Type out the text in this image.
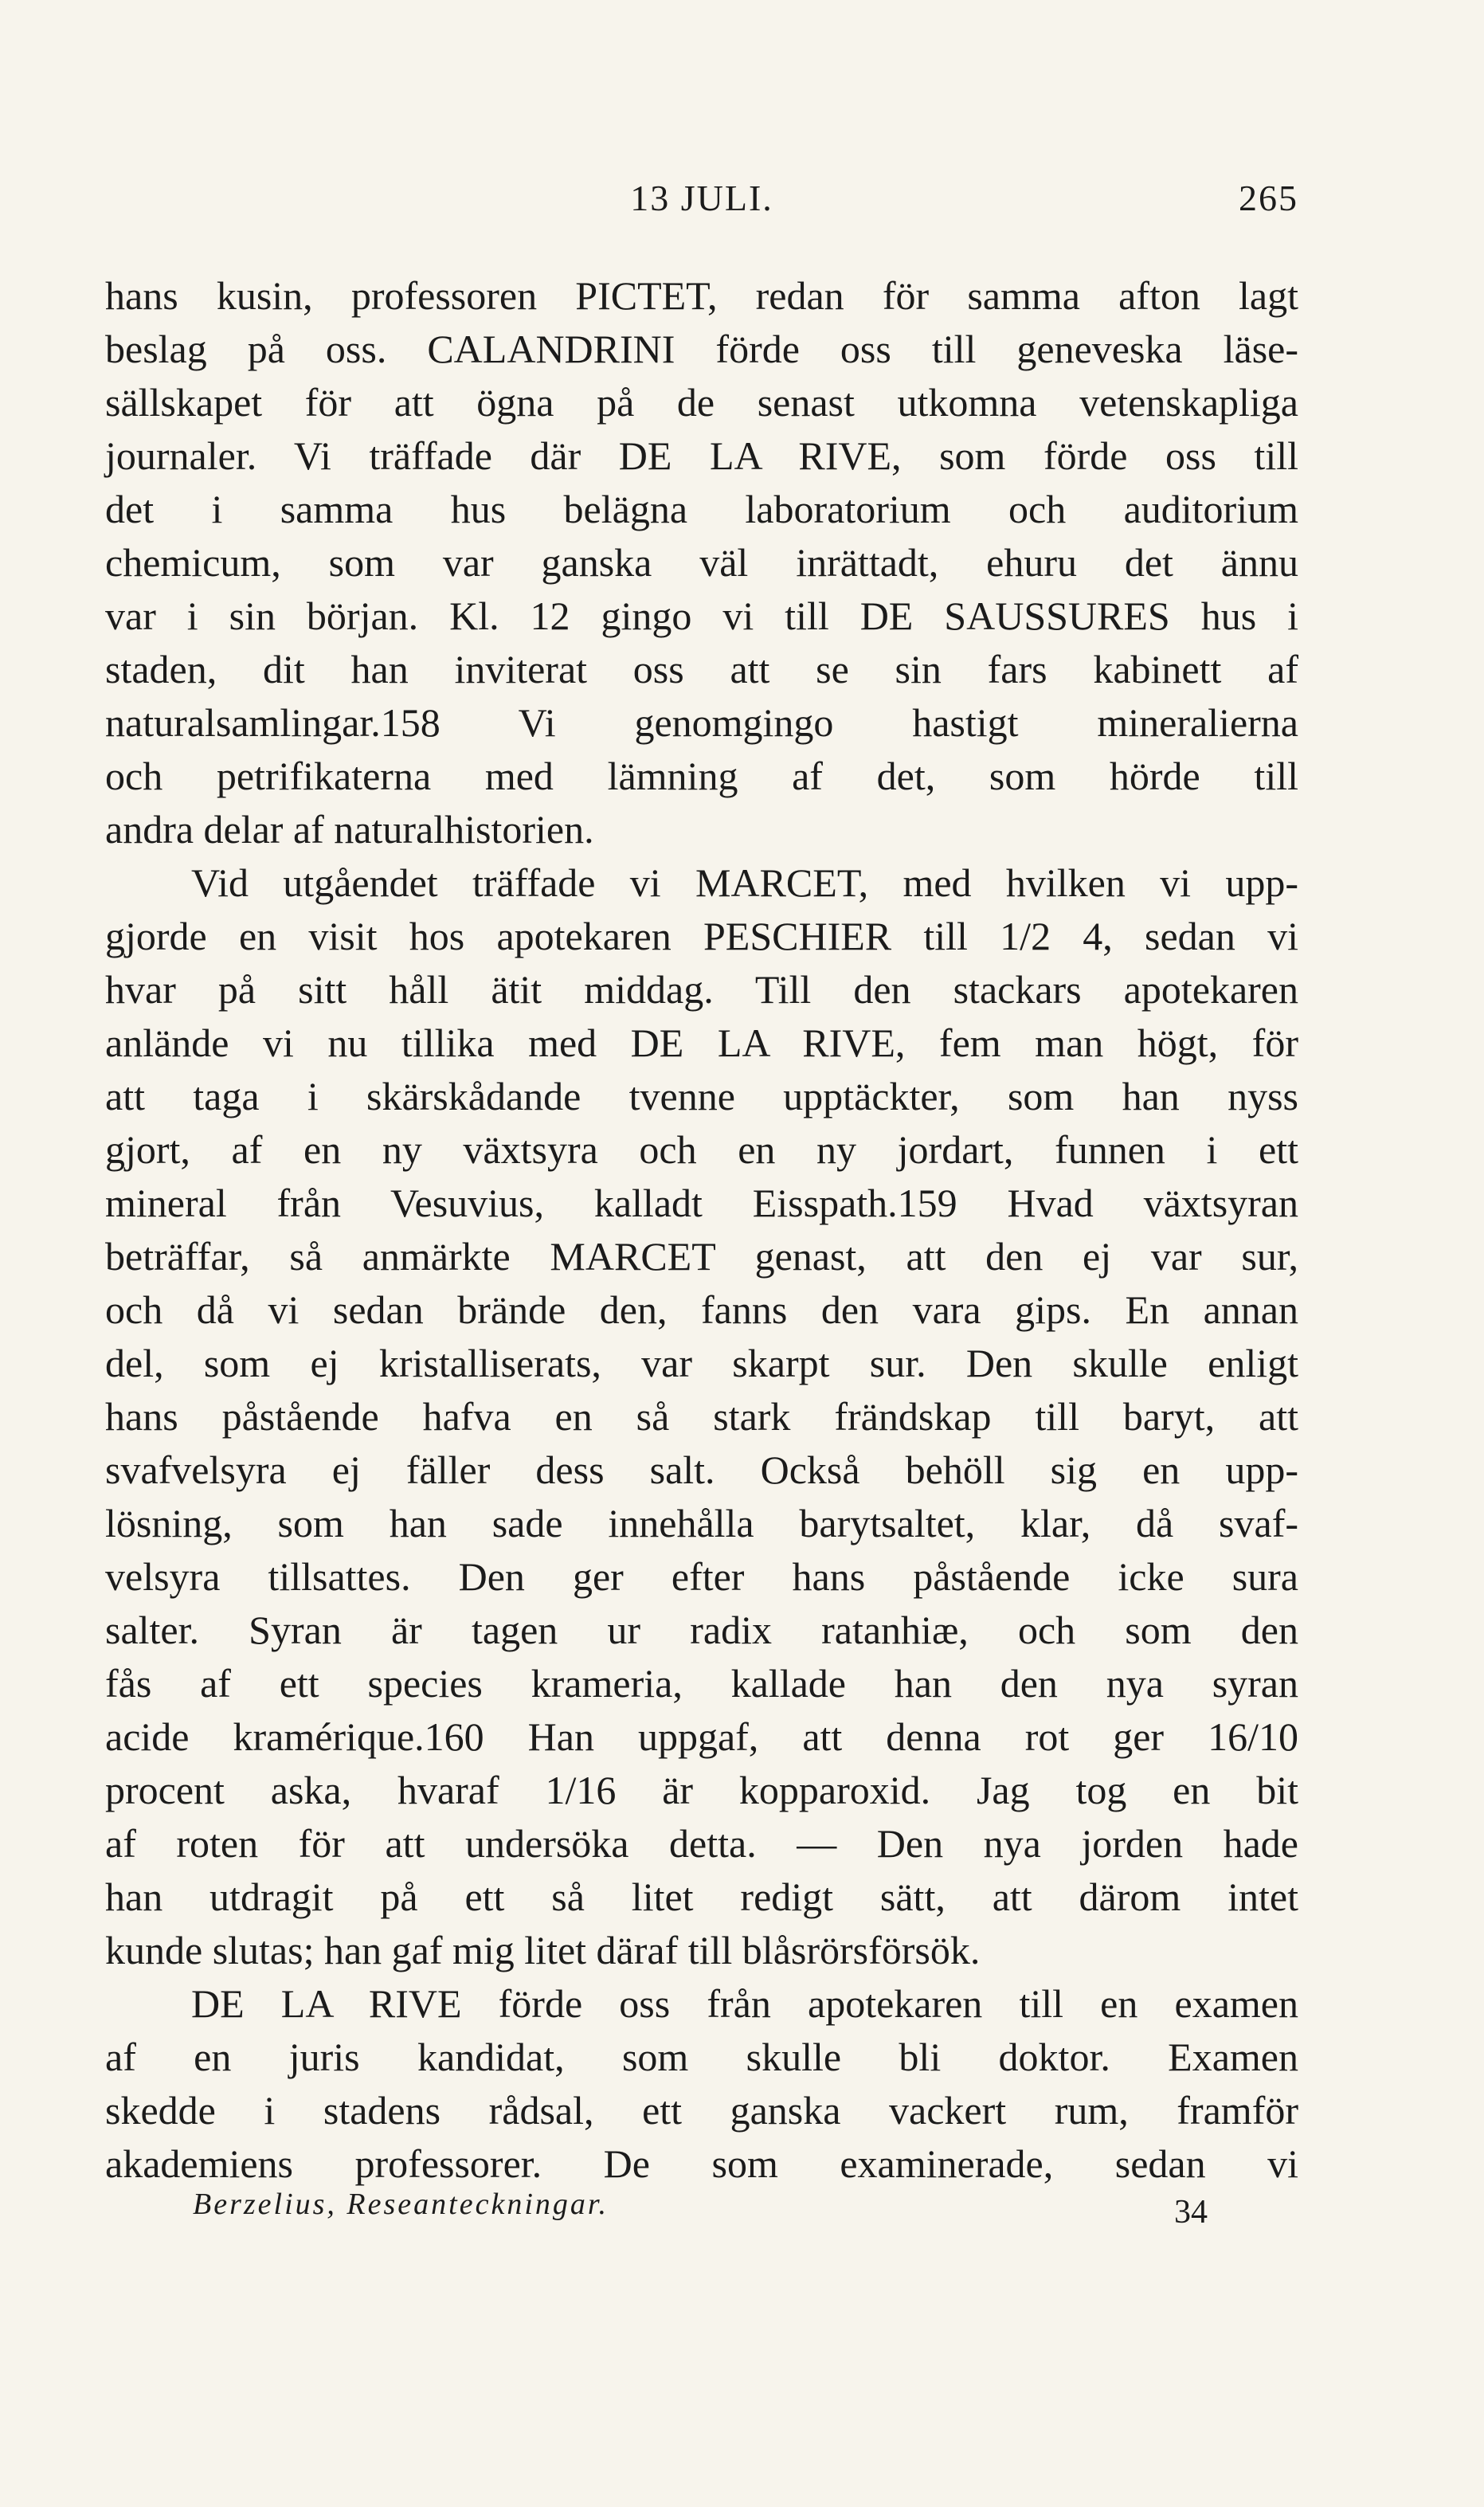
13 JULI.	265
hans kusin, professoren PICTET, redan för samma afton lagt
beslag på oss. CALANDRINI förde oss till geneveska läse-
sällskapet för att ögna på de senast utkomna vetenskapliga
journaler. Vi träffade där DE LA RIVE, som förde oss till
det i samma hus belägna laboratorium och auditorium
chemicum, som var ganska väl inrättadt, ehuru det ännu
var i sin början. Kl. 12 gingo vi till DE SAUSSURES hus i
staden, dit han inviterat oss att se sin fars kabinett af
naturalsamlingar.158 Vi genomgingo hastigt mineralierna
och petrifikaterna med lämning af det, som hörde till
andra delar af naturalhistorien.
Vid utgåendet träffade vi MARCET, med hvilken vi upp-
gjorde en visit hos apotekaren PESCHIER till 1/2 4, sedan vi
hvar på sitt håll ätit middag. Till den stackars apotekaren
anlände vi nu tillika med DE LA RIVE, fem man högt, för
att taga i skärskådande tvenne upptäckter, som han nyss
gjort, af en ny växtsyra och en ny jordart, funnen i ett
mineral från Vesuvius, kalladt Eisspath.159 Hvad växtsyran
beträffar, så anmärkte MARCET genast, att den ej var sur,
och då vi sedan brände den, fanns den vara gips. En annan
del, som ej kristalliserats, var skarpt sur. Den skulle enligt
hans påstående hafva en så stark frändskap till baryt, att
svafvelsyra ej fäller dess salt. Också behöll sig en upp-
lösning, som han sade innehålla barytsaltet, klar, då svaf-
velsyra tillsattes. Den ger efter hans påstående icke sura
salter. Syran är tagen ur radix ratanhiæ, och som den
fås af ett species krameria, kallade han den nya syran
acide kramérique.160 Han uppgaf, att denna rot ger 16/10
procent aska, hvaraf 1/16 är kopparoxid. Jag tog en bit
af roten för att undersöka detta. — Den nya jorden hade
han utdragit på ett så litet redigt sätt, att därom intet
kunde slutas; han gaf mig litet däraf till blåsrörsförsök.
DE LA RIVE förde oss från apotekaren till en examen
af en juris kandidat, som skulle bli doktor. Examen
skedde i stadens rådsal, ett ganska vackert rum, framför
akademiens professorer. De som examinerade, sedan vi
Berzelius, Reseanteckningar.	34
